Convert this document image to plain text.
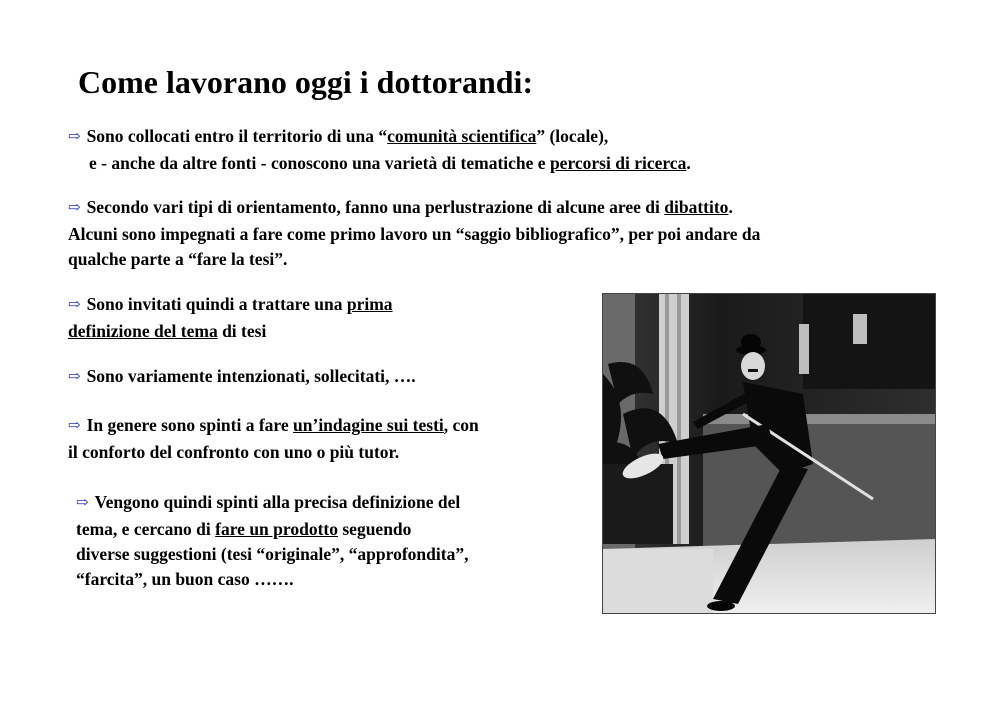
Come lavorano oggi i dottorandi:
⇨ Sono collocati entro il territorio di una “comunità scientifica” (locale),
e - anche da altre fonti - conoscono una varietà di tematiche e percorsi di ricerca.
⇨ Secondo vari tipi di orientamento, fanno una perlustrazione di alcune aree di dibattito.
Alcuni sono impegnati a fare come primo lavoro un “saggio bibliografico”, per poi andare da
qualche parte a “fare la tesi”.
⇨ Sono invitati quindi a trattare una prima
definizione del tema di tesi
⇨ Sono variamente intenzionati, sollecitati, ….
⇨ In genere sono spinti a fare un’indagine sui testi, con
il conforto del confronto con uno o più tutor.
⇨ Vengono quindi spinti alla precisa definizione del
tema, e cercano di fare un prodotto seguendo
diverse suggestioni (tesi “originale”, “approfondita”,
“farcita”, un buon caso …….
